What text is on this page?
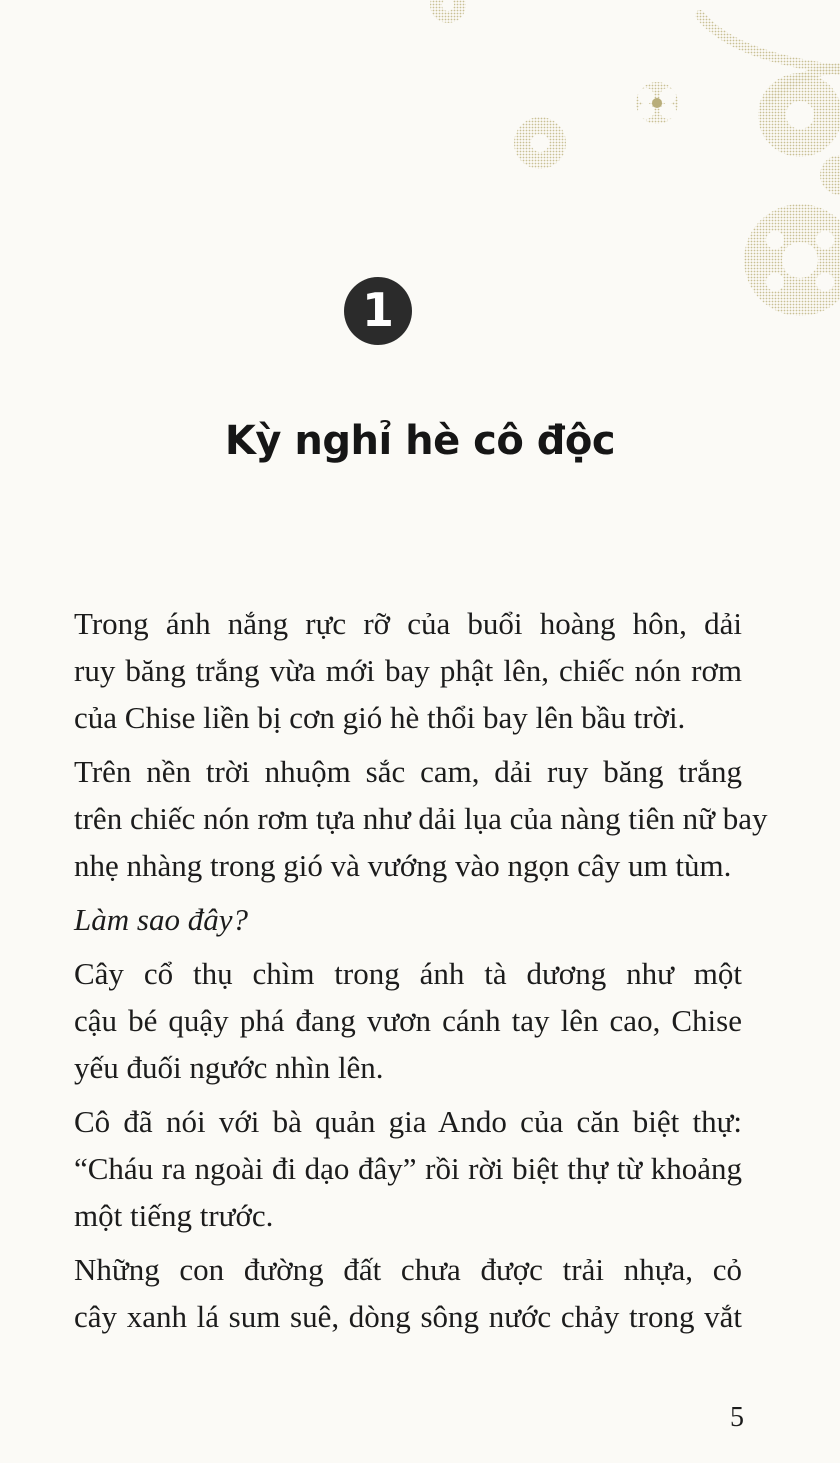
1
Kỳ nghỉ hè cô độc

Trong ánh nắng rực rỡ của buổi hoàng hôn, dải
ruy băng trắng vừa mới bay phật lên, chiếc nón rơm
của Chise liền bị cơn gió hè thổi bay lên bầu trời.

Trên nền trời nhuộm sắc cam, dải ruy băng trắng
trên chiếc nón rơm tựa như dải lụa của nàng tiên nữ bay
nhẹ nhàng trong gió và vướng vào ngọn cây um tùm.

Làm sao đây?

Cây cổ thụ chìm trong ánh tà dương như một
cậu bé quậy phá đang vươn cánh tay lên cao, Chise
yếu đuối ngước nhìn lên.

Cô đã nói với bà quản gia Ando của căn biệt thự:
“Cháu ra ngoài đi dạo đây” rồi rời biệt thự từ khoảng
một tiếng trước.

Những con đường đất chưa được trải nhựa, cỏ
cây xanh lá sum suê, dòng sông nước chảy trong vắt

5
